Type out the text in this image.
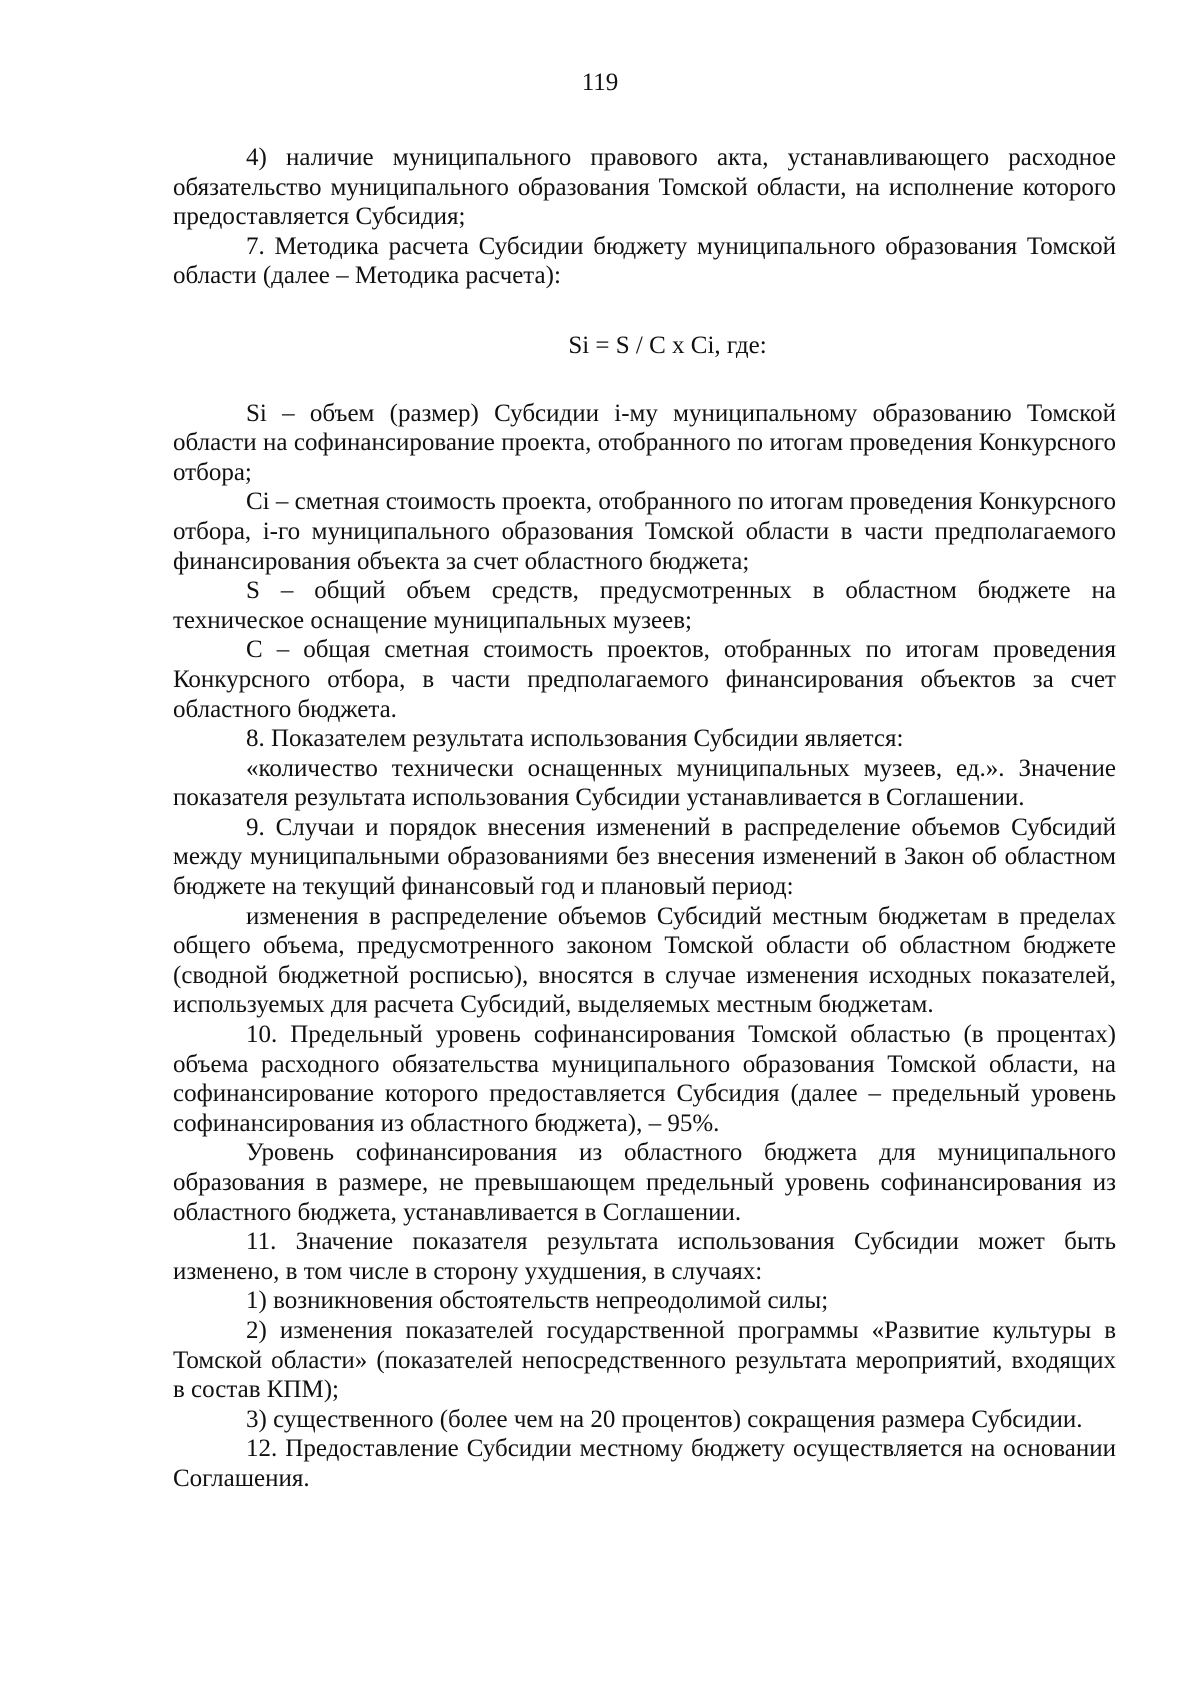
119

4) наличие муниципального правового акта, устанавливающего расходное обязательство муниципального образования Томской области, на исполнение которого предоставляется Субсидия;

7. Методика расчета Субсидии бюджету муниципального образования Томской области (далее – Методика расчета):

Si = S / C x Ci, где:

Si – объем (размер) Субсидии i-му муниципальному образованию Томской области на софинансирование проекта, отобранного по итогам проведения Конкурсного отбора;

Ci – сметная стоимость проекта, отобранного по итогам проведения Конкурсного отбора, i-го муниципального образования Томской области в части предполагаемого финансирования объекта за счет областного бюджета;

S – общий объем средств, предусмотренных в областном бюджете на техническое оснащение муниципальных музеев;

C – общая сметная стоимость проектов, отобранных по итогам проведения Конкурсного отбора, в части предполагаемого финансирования объектов за счет областного бюджета.

8. Показателем результата использования Субсидии является:

«количество технически оснащенных муниципальных музеев, ед.». Значение показателя результата использования Субсидии устанавливается в Соглашении.

9. Случаи и порядок внесения изменений в распределение объемов Субсидий между муниципальными образованиями без внесения изменений в Закон об областном бюджете на текущий финансовый год и плановый период:

изменения в распределение объемов Субсидий местным бюджетам в пределах общего объема, предусмотренного законом Томской области об областном бюджете (сводной бюджетной росписью), вносятся в случае изменения исходных показателей, используемых для расчета Субсидий, выделяемых местным бюджетам.

10. Предельный уровень софинансирования Томской областью (в процентах) объема расходного обязательства муниципального образования Томской области, на софинансирование которого предоставляется Субсидия (далее – предельный уровень софинансирования из областного бюджета), – 95%.

Уровень софинансирования из областного бюджета для муниципального образования в размере, не превышающем предельный уровень софинансирования из областного бюджета, устанавливается в Соглашении.

11. Значение показателя результата использования Субсидии может быть изменено, в том числе в сторону ухудшения, в случаях:

1) возникновения обстоятельств непреодолимой силы;

2) изменения показателей государственной программы «Развитие культуры в Томской области» (показателей непосредственного результата мероприятий, входящих в состав КПМ);

3) существенного (более чем на 20 процентов) сокращения размера Субсидии.

12. Предоставление Субсидии местному бюджету осуществляется на основании Соглашения.
